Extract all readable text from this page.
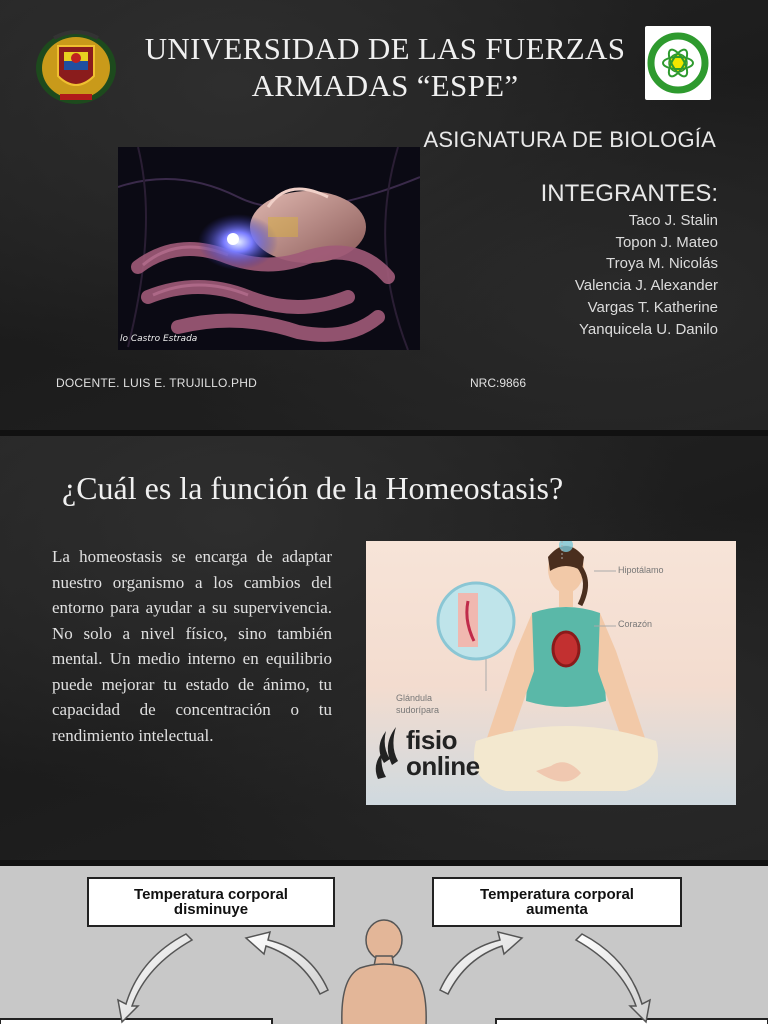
UNIVERSIDAD DE LAS FUERZAS ARMADAS “ESPE”
lo Castro Estrada
ASIGNATURA DE BIOLOGÍA
INTEGRANTES:
Taco J. Stalin
Topon J. Mateo
Troya M. Nicolás
Valencia J. Alexander
Vargas T. Katherine
Yanquicela U. Danilo
DOCENTE. LUIS E. TRUJILLO.PHD	NRC:9866
¿Cuál es la función de la Homeostasis?

La homeostasis se encarga de adaptar nuestro organismo a los cambios del entorno para ayudar a su supervivencia. No solo a nivel físico, sino también mental. Un medio interno en equilibrio puede mejorar tu estado de ánimo, tu capacidad de concentración o tu rendimiento intelectual.

Hipotálamo
Corazón
Glándula
sudorípara
fisio
online
Temperatura corporal
disminuye
Temperatura corporal
aumenta
